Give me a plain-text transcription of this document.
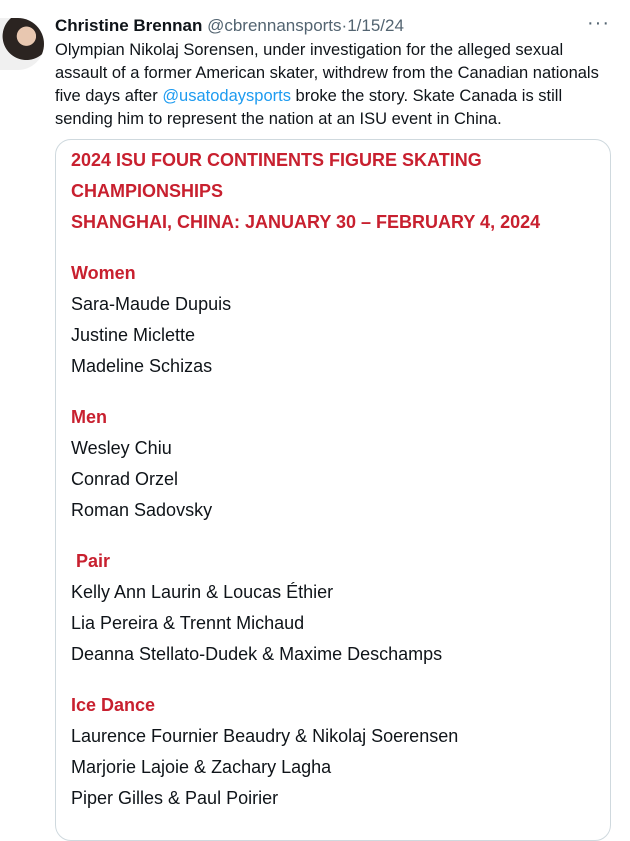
Christine Brennan @cbrennansports·1/15/24	···
Olympian Nikolaj Sorensen, under investigation for the alleged sexual assault of a former American skater, withdrew from the Canadian nationals five days after @usatodaysports broke the story. Skate Canada is still sending him to represent the nation at an ISU event in China.
2024 ISU FOUR CONTINENTS FIGURE SKATING
CHAMPIONSHIPS
SHANGHAI, CHINA: JANUARY 30 – FEBRUARY 4, 2024
Women
Sara-Maude Dupuis
Justine Miclette
Madeline Schizas
Men
Wesley Chiu
Conrad Orzel
Roman Sadovsky
Pair
Kelly Ann Laurin & Loucas Éthier
Lia Pereira & Trennt Michaud
Deanna Stellato-Dudek & Maxime Deschamps
Ice Dance
Laurence Fournier Beaudry & Nikolaj Soerensen
Marjorie Lajoie & Zachary Lagha
Piper Gilles & Paul Poirier
